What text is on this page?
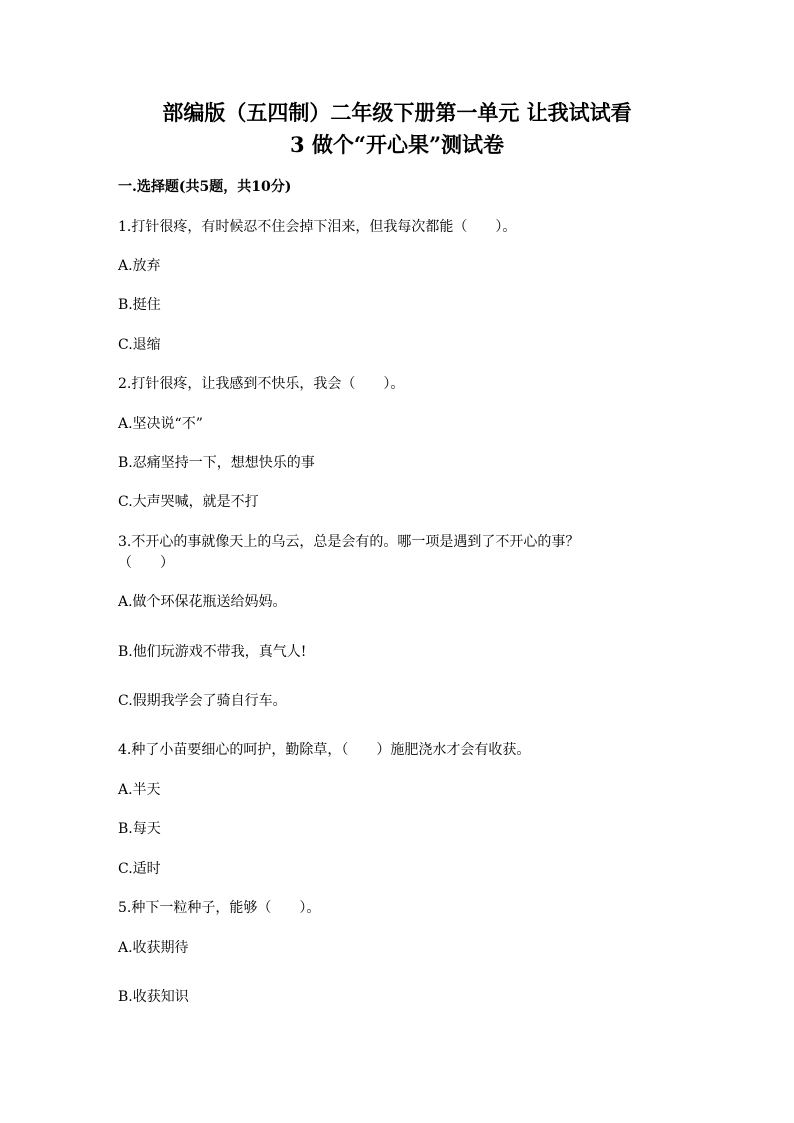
部编版（五四制）二年级下册第一单元 让我试试看
3 做个“开心果”测试卷
一.选择题(共5题，共10分)
1.打针很疼，有时候忍不住会掉下泪来，但我每次都能（　　）。
A.放弃
B.挺住
C.退缩
2.打针很疼，让我感到不快乐，我会（　　）。
A.坚决说“不”
B.忍痛坚持一下，想想快乐的事
C.大声哭喊，就是不打
3.不开心的事就像天上的乌云，总是会有的。哪一项是遇到了不开心的事？
（　　）
A.做个环保花瓶送给妈妈。
B.他们玩游戏不带我，真气人!
C.假期我学会了骑自行车。
4.种了小苗要细心的呵护，勤除草，（　　）施肥浇水才会有收获。
A.半天
B.每天
C.适时
5.种下一粒种子，能够（　　）。
A.收获期待
B.收获知识
